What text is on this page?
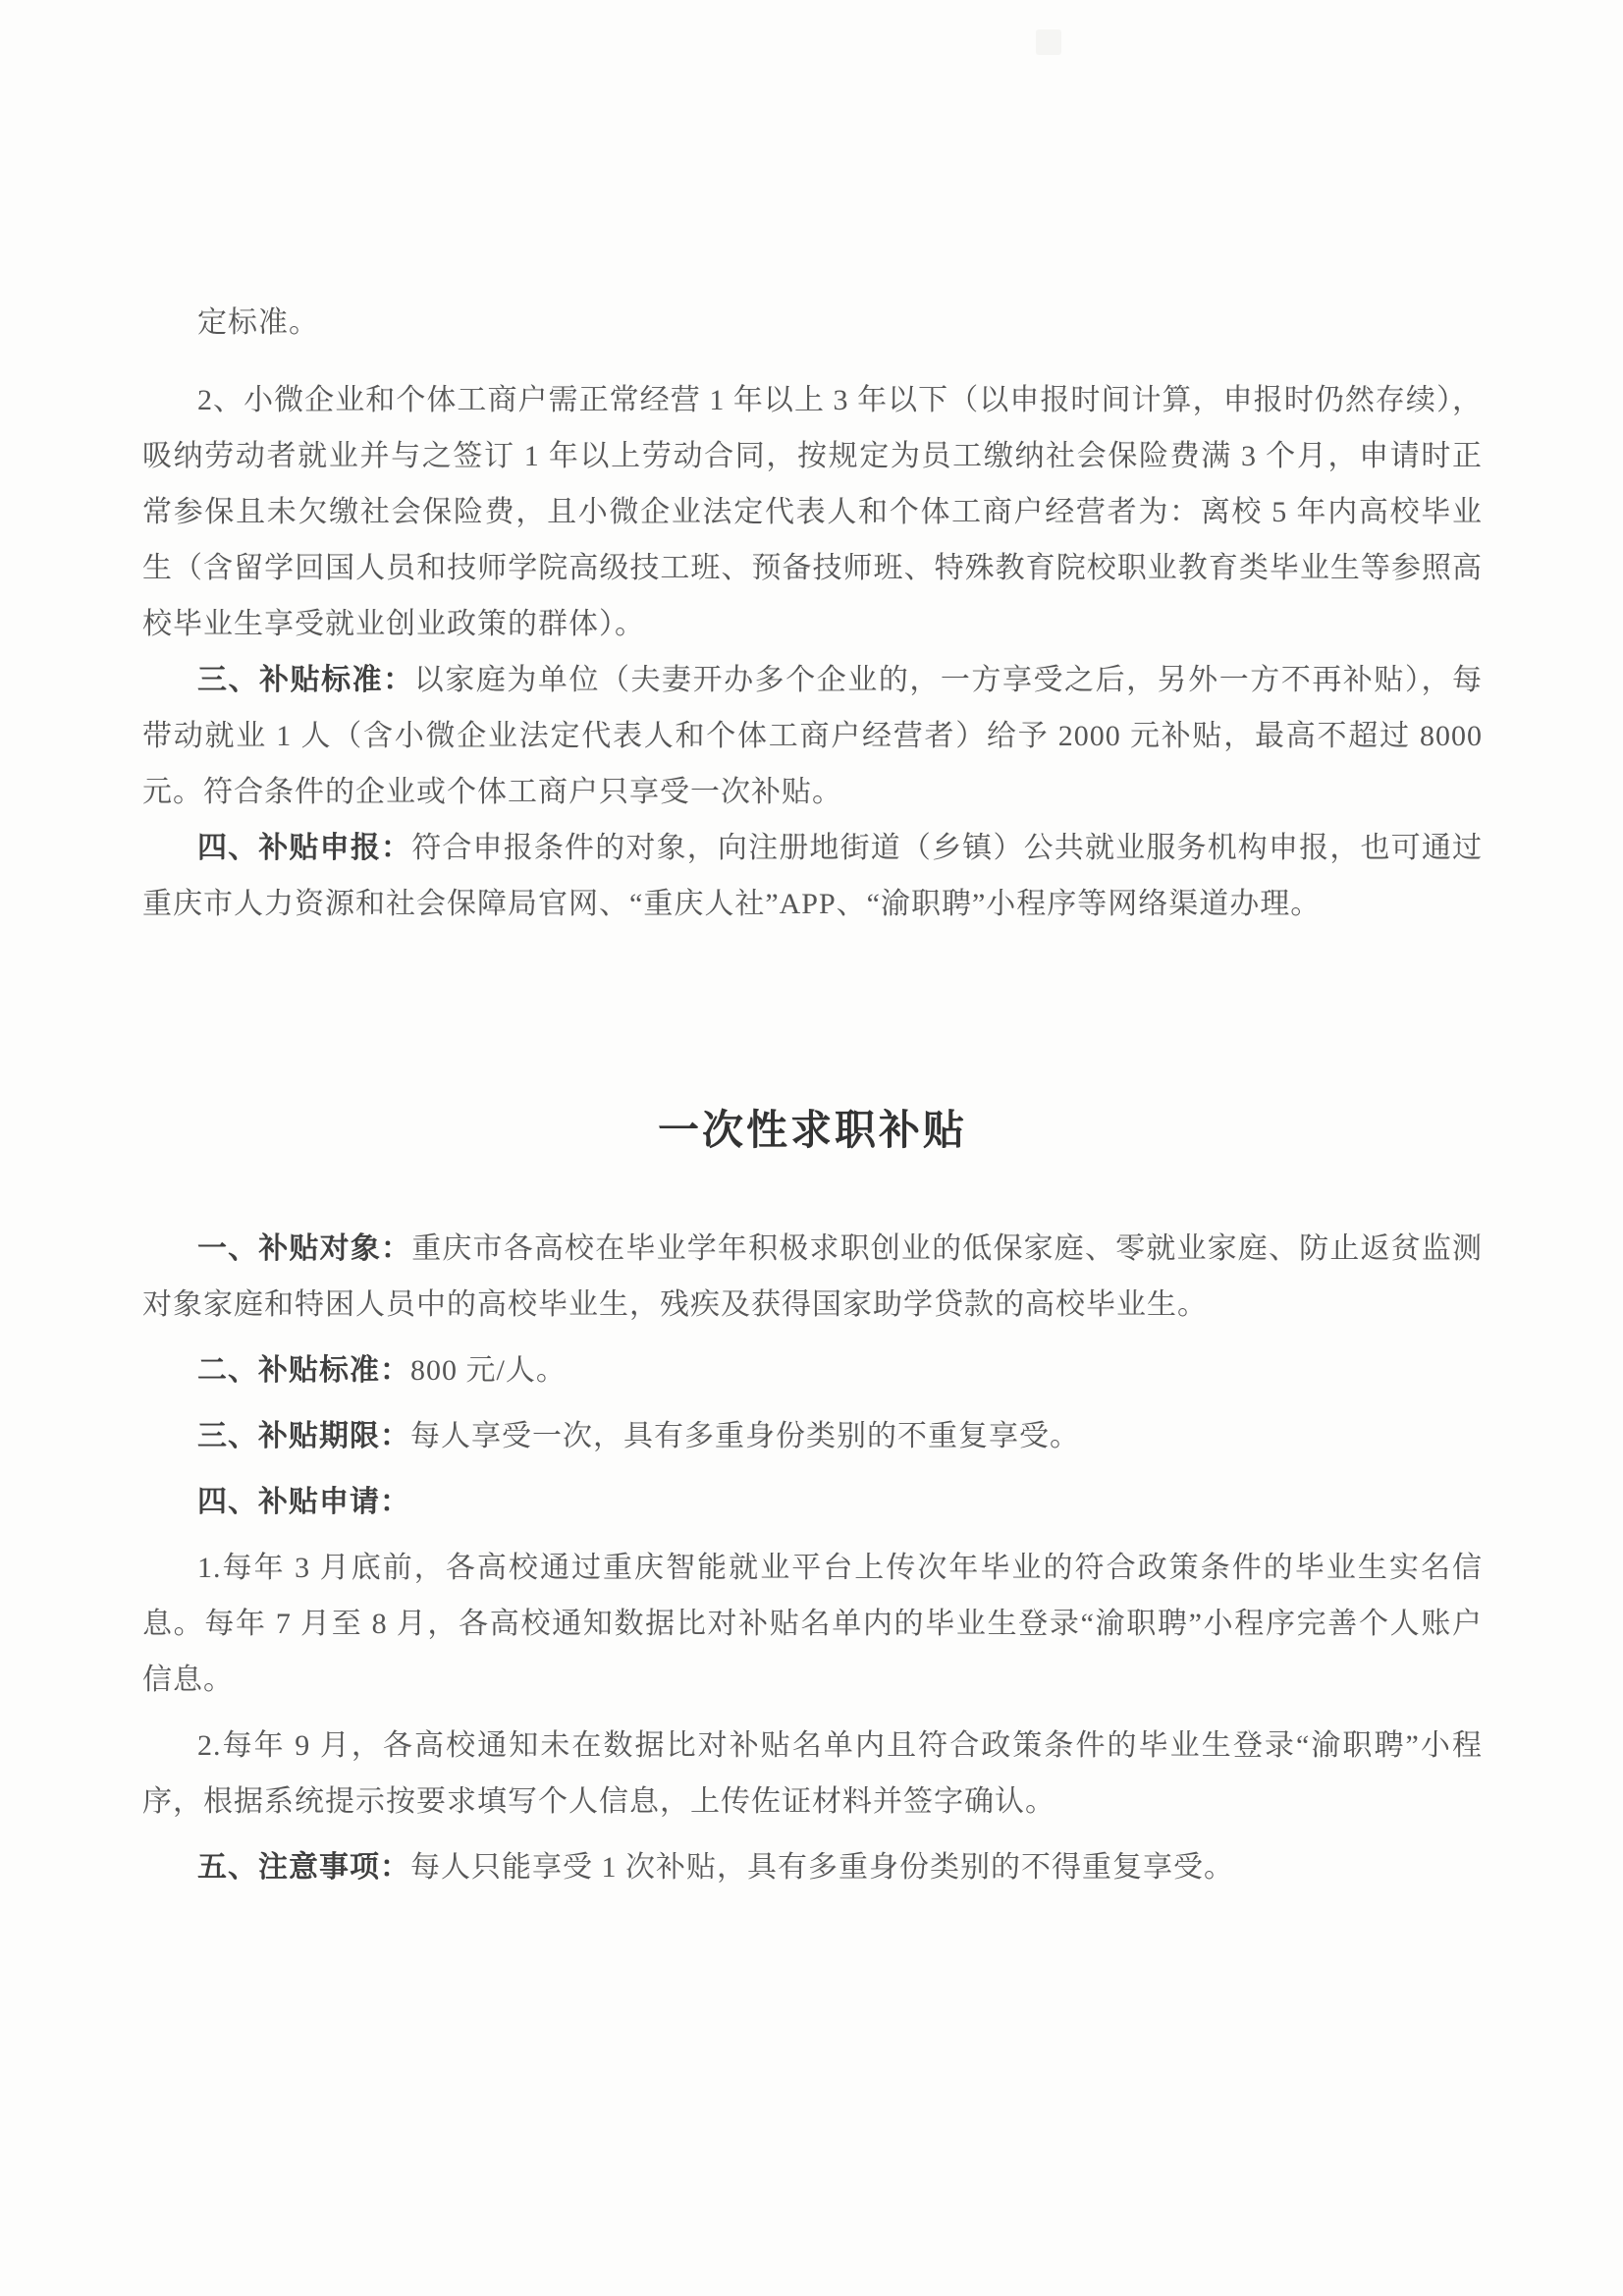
定标准。

2、小微企业和个体工商户需正常经营 1 年以上 3 年以下（以申报时间计算，申报时仍然存续），吸纳劳动者就业并与之签订 1 年以上劳动合同，按规定为员工缴纳社会保险费满 3 个月，申请时正常参保且未欠缴社会保险费，且小微企业法定代表人和个体工商户经营者为：离校 5 年内高校毕业生（含留学回国人员和技师学院高级技工班、预备技师班、特殊教育院校职业教育类毕业生等参照高校毕业生享受就业创业政策的群体）。

三、补贴标准：以家庭为单位（夫妻开办多个企业的，一方享受之后，另外一方不再补贴），每带动就业 1 人（含小微企业法定代表人和个体工商户经营者）给予 2000 元补贴，最高不超过 8000 元。符合条件的企业或个体工商户只享受一次补贴。

四、补贴申报：符合申报条件的对象，向注册地街道（乡镇）公共就业服务机构申报，也可通过重庆市人力资源和社会保障局官网、“重庆人社”APP、“渝职聘”小程序等网络渠道办理。

一次性求职补贴

一、补贴对象：重庆市各高校在毕业学年积极求职创业的低保家庭、零就业家庭、防止返贫监测对象家庭和特困人员中的高校毕业生，残疾及获得国家助学贷款的高校毕业生。

二、补贴标准：800 元/人。

三、补贴期限：每人享受一次，具有多重身份类别的不重复享受。

四、补贴申请：

1.每年 3 月底前，各高校通过重庆智能就业平台上传次年毕业的符合政策条件的毕业生实名信息。每年 7 月至 8 月，各高校通知数据比对补贴名单内的毕业生登录“渝职聘”小程序完善个人账户信息。

2.每年 9 月，各高校通知未在数据比对补贴名单内且符合政策条件的毕业生登录“渝职聘”小程序，根据系统提示按要求填写个人信息，上传佐证材料并签字确认。

五、注意事项：每人只能享受 1 次补贴，具有多重身份类别的不得重复享受。
